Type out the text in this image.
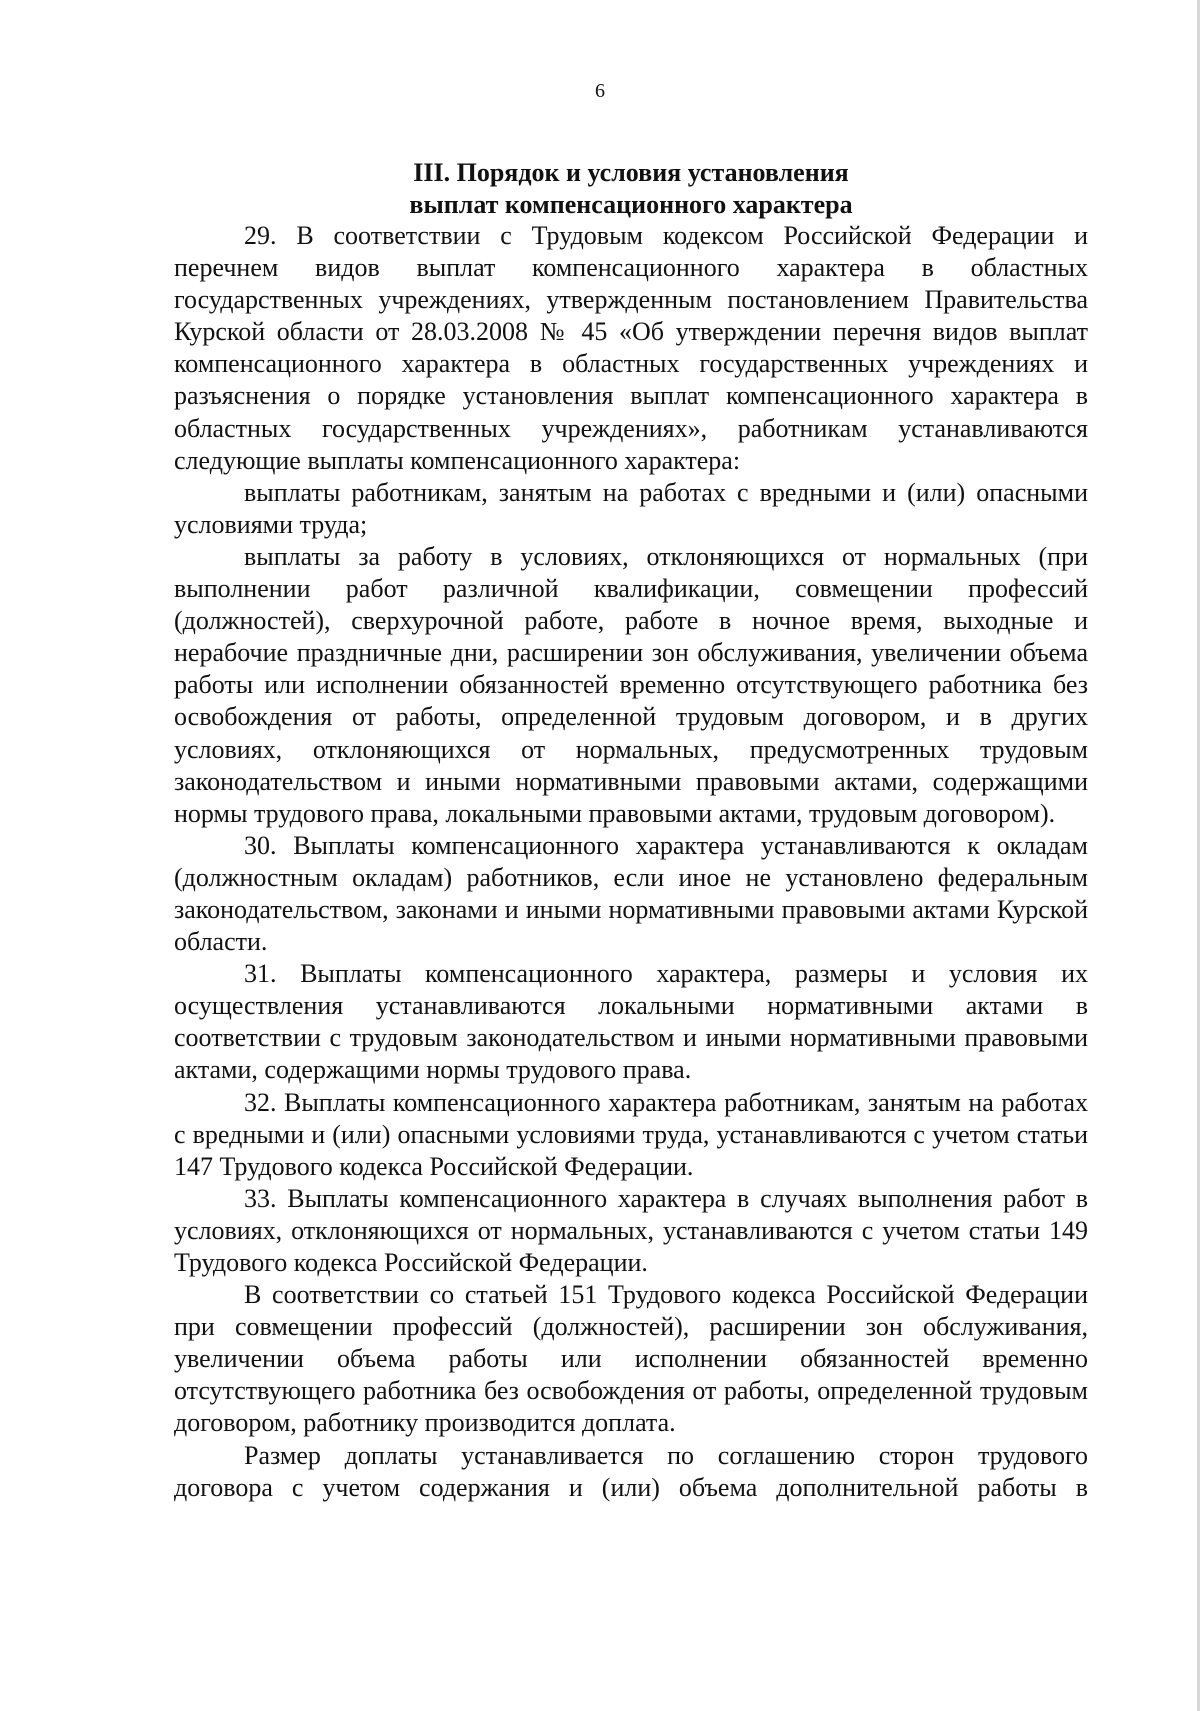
6
III. Порядок и условия установления
выплат компенсационного характера

29. В соответствии с Трудовым кодексом Российской Федерации и перечнем видов выплат компенсационного характера в областных государственных учреждениях, утвержденным постановлением Правительства Курской области от 28.03.2008 № 45 «Об утверждении перечня видов выплат компенсационного характера в областных государственных учреждениях и разъяснения о порядке установления выплат компенсационного характера в областных государственных учреждениях», работникам устанавливаются следующие выплаты компенсационного характера:

выплаты работникам, занятым на работах с вредными и (или) опасными условиями труда;

выплаты за работу в условиях, отклоняющихся от нормальных (при выполнении работ различной квалификации, совмещении профессий (должностей), сверхурочной работе, работе в ночное время, выходные и нерабочие праздничные дни, расширении зон обслуживания, увеличении объема работы или исполнении обязанностей временно отсутствующего работника без освобождения от работы, определенной трудовым договором, и в других условиях, отклоняющихся от нормальных, предусмотренных трудовым законодательством и иными нормативными правовыми актами, содержащими нормы трудового права, локальными правовыми актами, трудовым договором).

30. Выплаты компенсационного характера устанавливаются к окладам (должностным окладам) работников, если иное не установлено федеральным законодательством, законами и иными нормативными правовыми актами Курской области.

31. Выплаты компенсационного характера, размеры и условия их осуществления устанавливаются локальными нормативными актами в соответствии с трудовым законодательством и иными нормативными правовыми актами, содержащими нормы трудового права.

32. Выплаты компенсационного характера работникам, занятым на работах с вредными и (или) опасными условиями труда, устанавливаются с учетом статьи 147 Трудового кодекса Российской Федерации.

33. Выплаты компенсационного характера в случаях выполнения работ в условиях, отклоняющихся от нормальных, устанавливаются с учетом статьи 149 Трудового кодекса Российской Федерации.

В соответствии со статьей 151 Трудового кодекса Российской Федерации при совмещении профессий (должностей), расширении зон обслуживания, увеличении объема работы или исполнении обязанностей временно отсутствующего работника без освобождения от работы, определенной трудовым договором, работнику производится доплата.

Размер доплаты устанавливается по соглашению сторон трудового договора с учетом содержания и (или) объема дополнительной работы в
